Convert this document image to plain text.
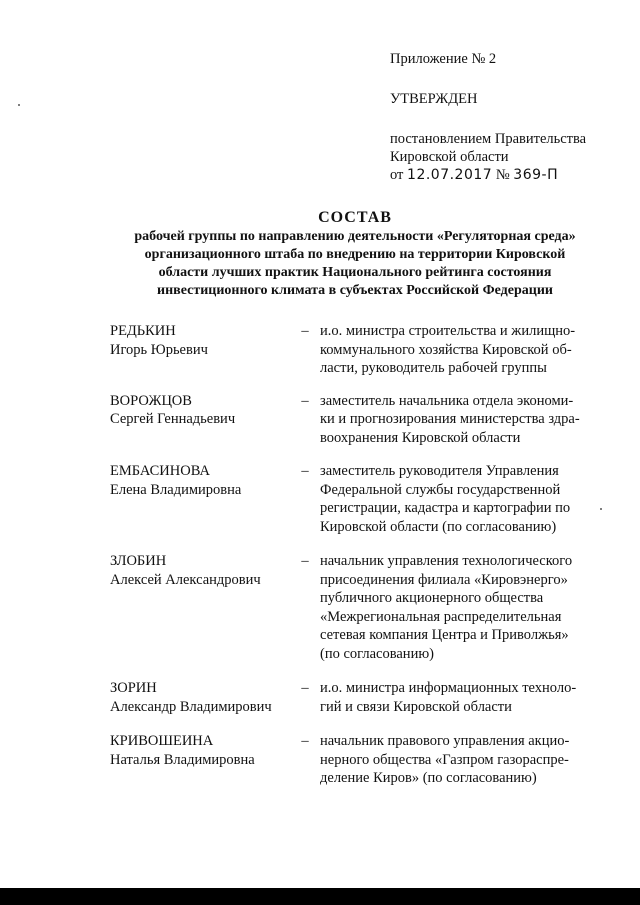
Приложение № 2
УТВЕРЖДЕН
постановлением Правительства
Кировской области
от 12.07.2017 № 369-П
СОСТАВ
рабочей группы по направлению деятельности «Регуляторная среда»
организационного штаба по внедрению на территории Кировской
области лучших практик Национального рейтинга состояния
инвестиционного климата в субъектах Российской Федерации
РЕДЬКИН
Игорь Юрьевич
– и.о. министра строительства и жилищно-
коммунального хозяйства Кировской об-
ласти, руководитель рабочей группы
ВОРОЖЦОВ
Сергей Геннадьевич
– заместитель начальника отдела экономи-
ки и прогнозирования министерства здра-
воохранения Кировской области
ЕМБАСИНОВА
Елена Владимировна
– заместитель руководителя Управления
Федеральной службы государственной
регистрации, кадастра и картографии по
Кировской области (по согласованию)
ЗЛОБИН
Алексей Александрович
– начальник управления технологического
присоединения филиала «Кировэнерго»
публичного акционерного общества
«Межрегиональная распределительная
сетевая компания Центра и Приволжья»
(по согласованию)
ЗОРИН
Александр Владимирович
– и.о. министра информационных техноло-
гий и связи Кировской области
КРИВОШЕИНА
Наталья Владимировна
– начальник правового управления акцио-
нерного общества «Газпром газораспре-
деление Киров» (по согласованию)
